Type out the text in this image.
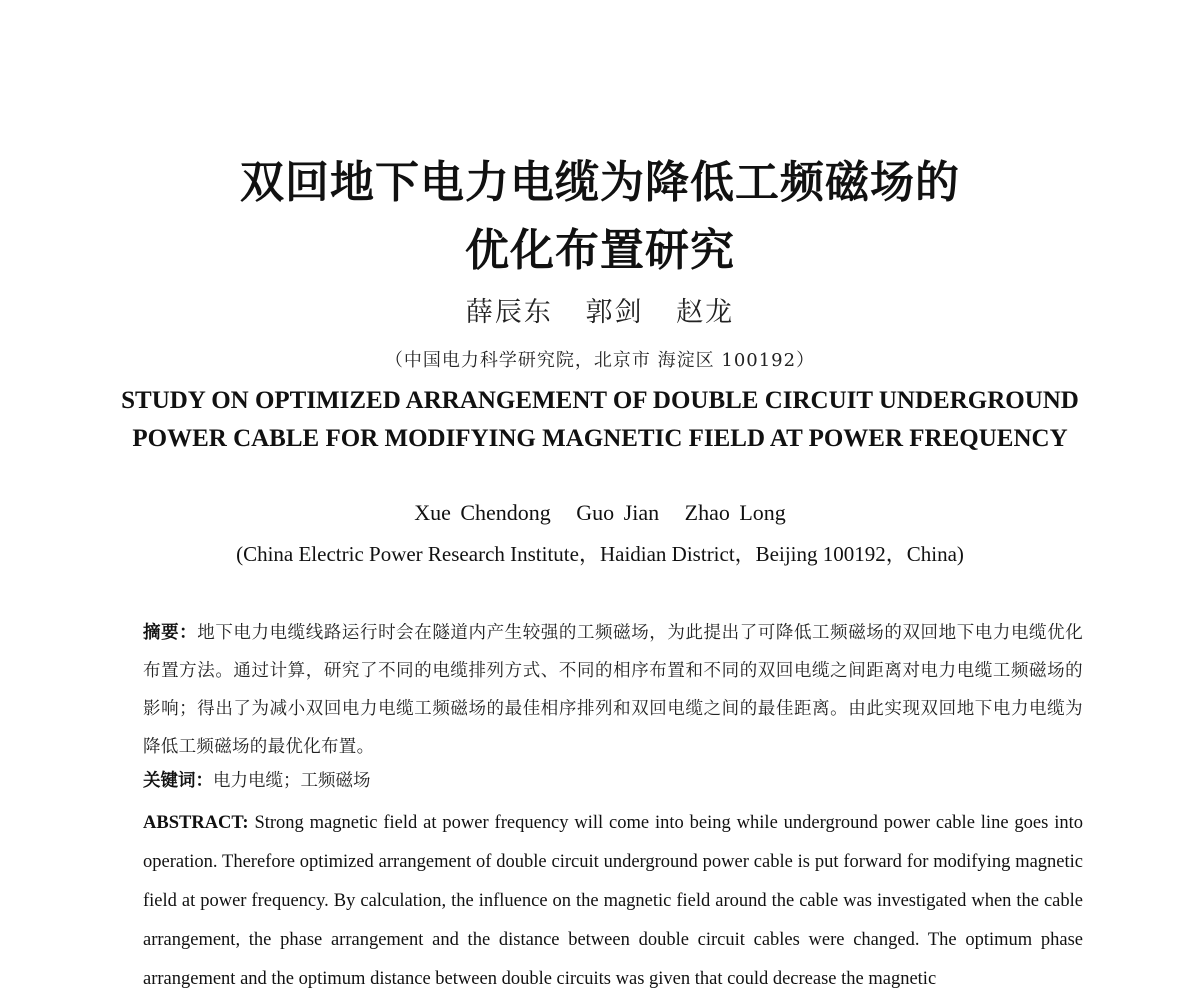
双回地下电力电缆为降低工频磁场的
优化布置研究
薛辰东 郭剑 赵龙
（中国电力科学研究院，北京市 海淀区 100192）
STUDY ON OPTIMIZED ARRANGEMENT OF DOUBLE CIRCUIT UNDERGROUND POWER CABLE FOR MODIFYING MAGNETIC FIELD AT POWER FREQUENCY
Xue Chendong Guo Jian Zhao Long
(China Electric Power Research Institute，Haidian District，Beijing 100192，China)
摘要：地下电力电缆线路运行时会在隧道内产生较强的工频磁场，为此提出了可降低工频磁场的双回地下电力电缆优化布置方法。通过计算，研究了不同的电缆排列方式、不同的相序布置和不同的双回电缆之间距离对电力电缆工频磁场的影响；得出了为减小双回电力电缆工频磁场的最佳相序排列和双回电缆之间的最佳距离。由此实现双回地下电力电缆为降低工频磁场的最优化布置。
关键词：电力电缆；工频磁场
ABSTRACT: Strong magnetic field at power frequency will come into being while underground power cable line goes into operation. Therefore optimized arrangement of double circuit underground power cable is put forward for modifying magnetic field at power frequency. By calculation, the influence on the magnetic field around the cable was investigated when the cable arrangement, the phase arrangement and the distance between double circuit cables were changed. The optimum phase arrangement and the optimum distance between double circuits was given that could decrease the magnetic
